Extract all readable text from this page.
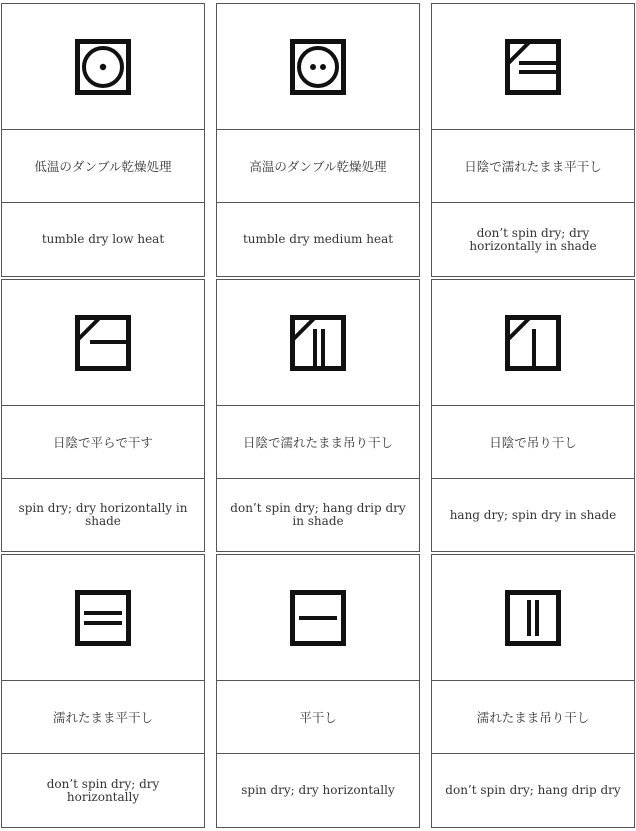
低温のダンブル乾燥処理
tumble dry low heat
高温のダンブル乾燥処理
tumble dry medium heat
日陰で濡れたまま平干し
don’t spin dry; dry horizontally in shade
日陰で平らで干す
spin dry; dry horizontally in shade
日陰で濡れたまま吊り干し
don’t spin dry; hang drip dry in shade
日陰で吊り干し
hang dry; spin dry in shade
濡れたまま平干し
don’t spin dry; dry horizontally
平干し
spin dry; dry horizontally
濡れたまま吊り干し
don’t spin dry; hang drip dry
